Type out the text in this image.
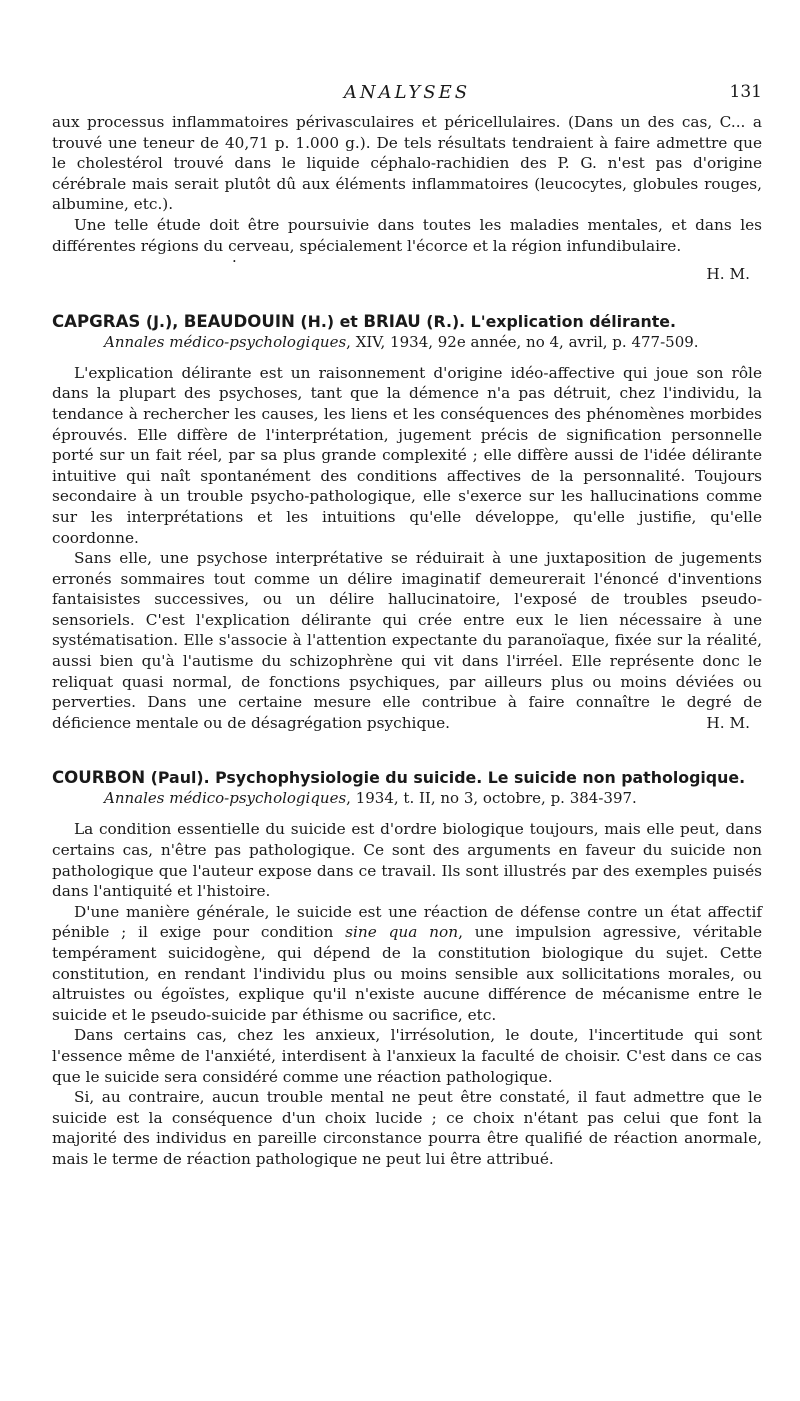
ANALYSES	131

aux processus inflammatoires périvasculaires et péricellulaires. (Dans un des cas, C... a trouvé une teneur de 40,71 p. 1.000 g.). De tels résultats tendraient à faire admettre que le cholestérol trouvé dans le liquide céphalo-rachidien des P. G. n'est pas d'origine cérébrale mais serait plutôt dû aux éléments inflammatoires (leucocytes, globules rouges, albumine, etc.).

Une telle étude doit être poursuivie dans toutes les maladies mentales, et dans les différentes régions du cerveau, spécialement l'écorce et la région infundibulaire.

·
H. M.
CAPGRAS (J.), BEAUDOUIN (H.) et BRIAU (R.). L'explication délirante.
Annales médico-psychologiques, XIV, 1934, 92e année, no 4, avril, p. 477-509.

L'explication délirante est un raisonnement d'origine idéo-affective qui joue son rôle dans la plupart des psychoses, tant que la démence n'a pas détruit, chez l'individu, la tendance à rechercher les causes, les liens et les conséquences des phénomènes morbides éprouvés. Elle diffère de l'interprétation, jugement précis de signification personnelle porté sur un fait réel, par sa plus grande complexité ; elle diffère aussi de l'idée délirante intuitive qui naît spontanément des conditions affectives de la personnalité. Toujours secondaire à un trouble psycho-pathologique, elle s'exerce sur les hallucinations comme sur les interprétations et les intuitions qu'elle développe, qu'elle justifie, qu'elle coordonne.

Sans elle, une psychose interprétative se réduirait à une juxtaposition de jugements erronés sommaires tout comme un délire imaginatif demeurerait l'énoncé d'inventions fantaisistes successives, ou un délire hallucinatoire, l'exposé de troubles pseudo-sensoriels. C'est l'explication délirante qui crée entre eux le lien nécessaire à une systématisation. Elle s'associe à l'attention expectante du paranoïaque, fixée sur la réalité, aussi bien qu'à l'autisme du schizophrène qui vit dans l'irréel. Elle représente donc le reliquat quasi normal, de fonctions psychiques, par ailleurs plus ou moins déviées ou perverties. Dans une certaine mesure elle contribue à faire connaître le degré de déficience mentale ou de désagrégation psychique.	H. M.

COURBON (Paul). Psychophysiologie du suicide. Le suicide non pathologique.
Annales médico-psychologiques, 1934, t. II, no 3, octobre, p. 384-397.

La condition essentielle du suicide est d'ordre biologique toujours, mais elle peut, dans certains cas, n'être pas pathologique. Ce sont des arguments en faveur du suicide non pathologique que l'auteur expose dans ce travail. Ils sont illustrés par des exemples puisés dans l'antiquité et l'histoire.

D'une manière générale, le suicide est une réaction de défense contre un état affectif pénible ; il exige pour condition sine qua non, une impulsion agressive, véritable tempérament suicidogène, qui dépend de la constitution biologique du sujet. Cette constitution, en rendant l'individu plus ou moins sensible aux sollicitations morales, ou altruistes ou égoïstes, explique qu'il n'existe aucune différence de mécanisme entre le suicide et le pseudo-suicide par éthisme ou sacrifice, etc.

Dans certains cas, chez les anxieux, l'irrésolution, le doute, l'incertitude qui sont l'essence même de l'anxiété, interdisent à l'anxieux la faculté de choisir. C'est dans ce cas que le suicide sera considéré comme une réaction pathologique.

Si, au contraire, aucun trouble mental ne peut être constaté, il faut admettre que le suicide est la conséquence d'un choix lucide ; ce choix n'étant pas celui que font la majorité des individus en pareille circonstance pourra être qualifié de réaction anormale, mais le terme de réaction pathologique ne peut lui être attribué.
